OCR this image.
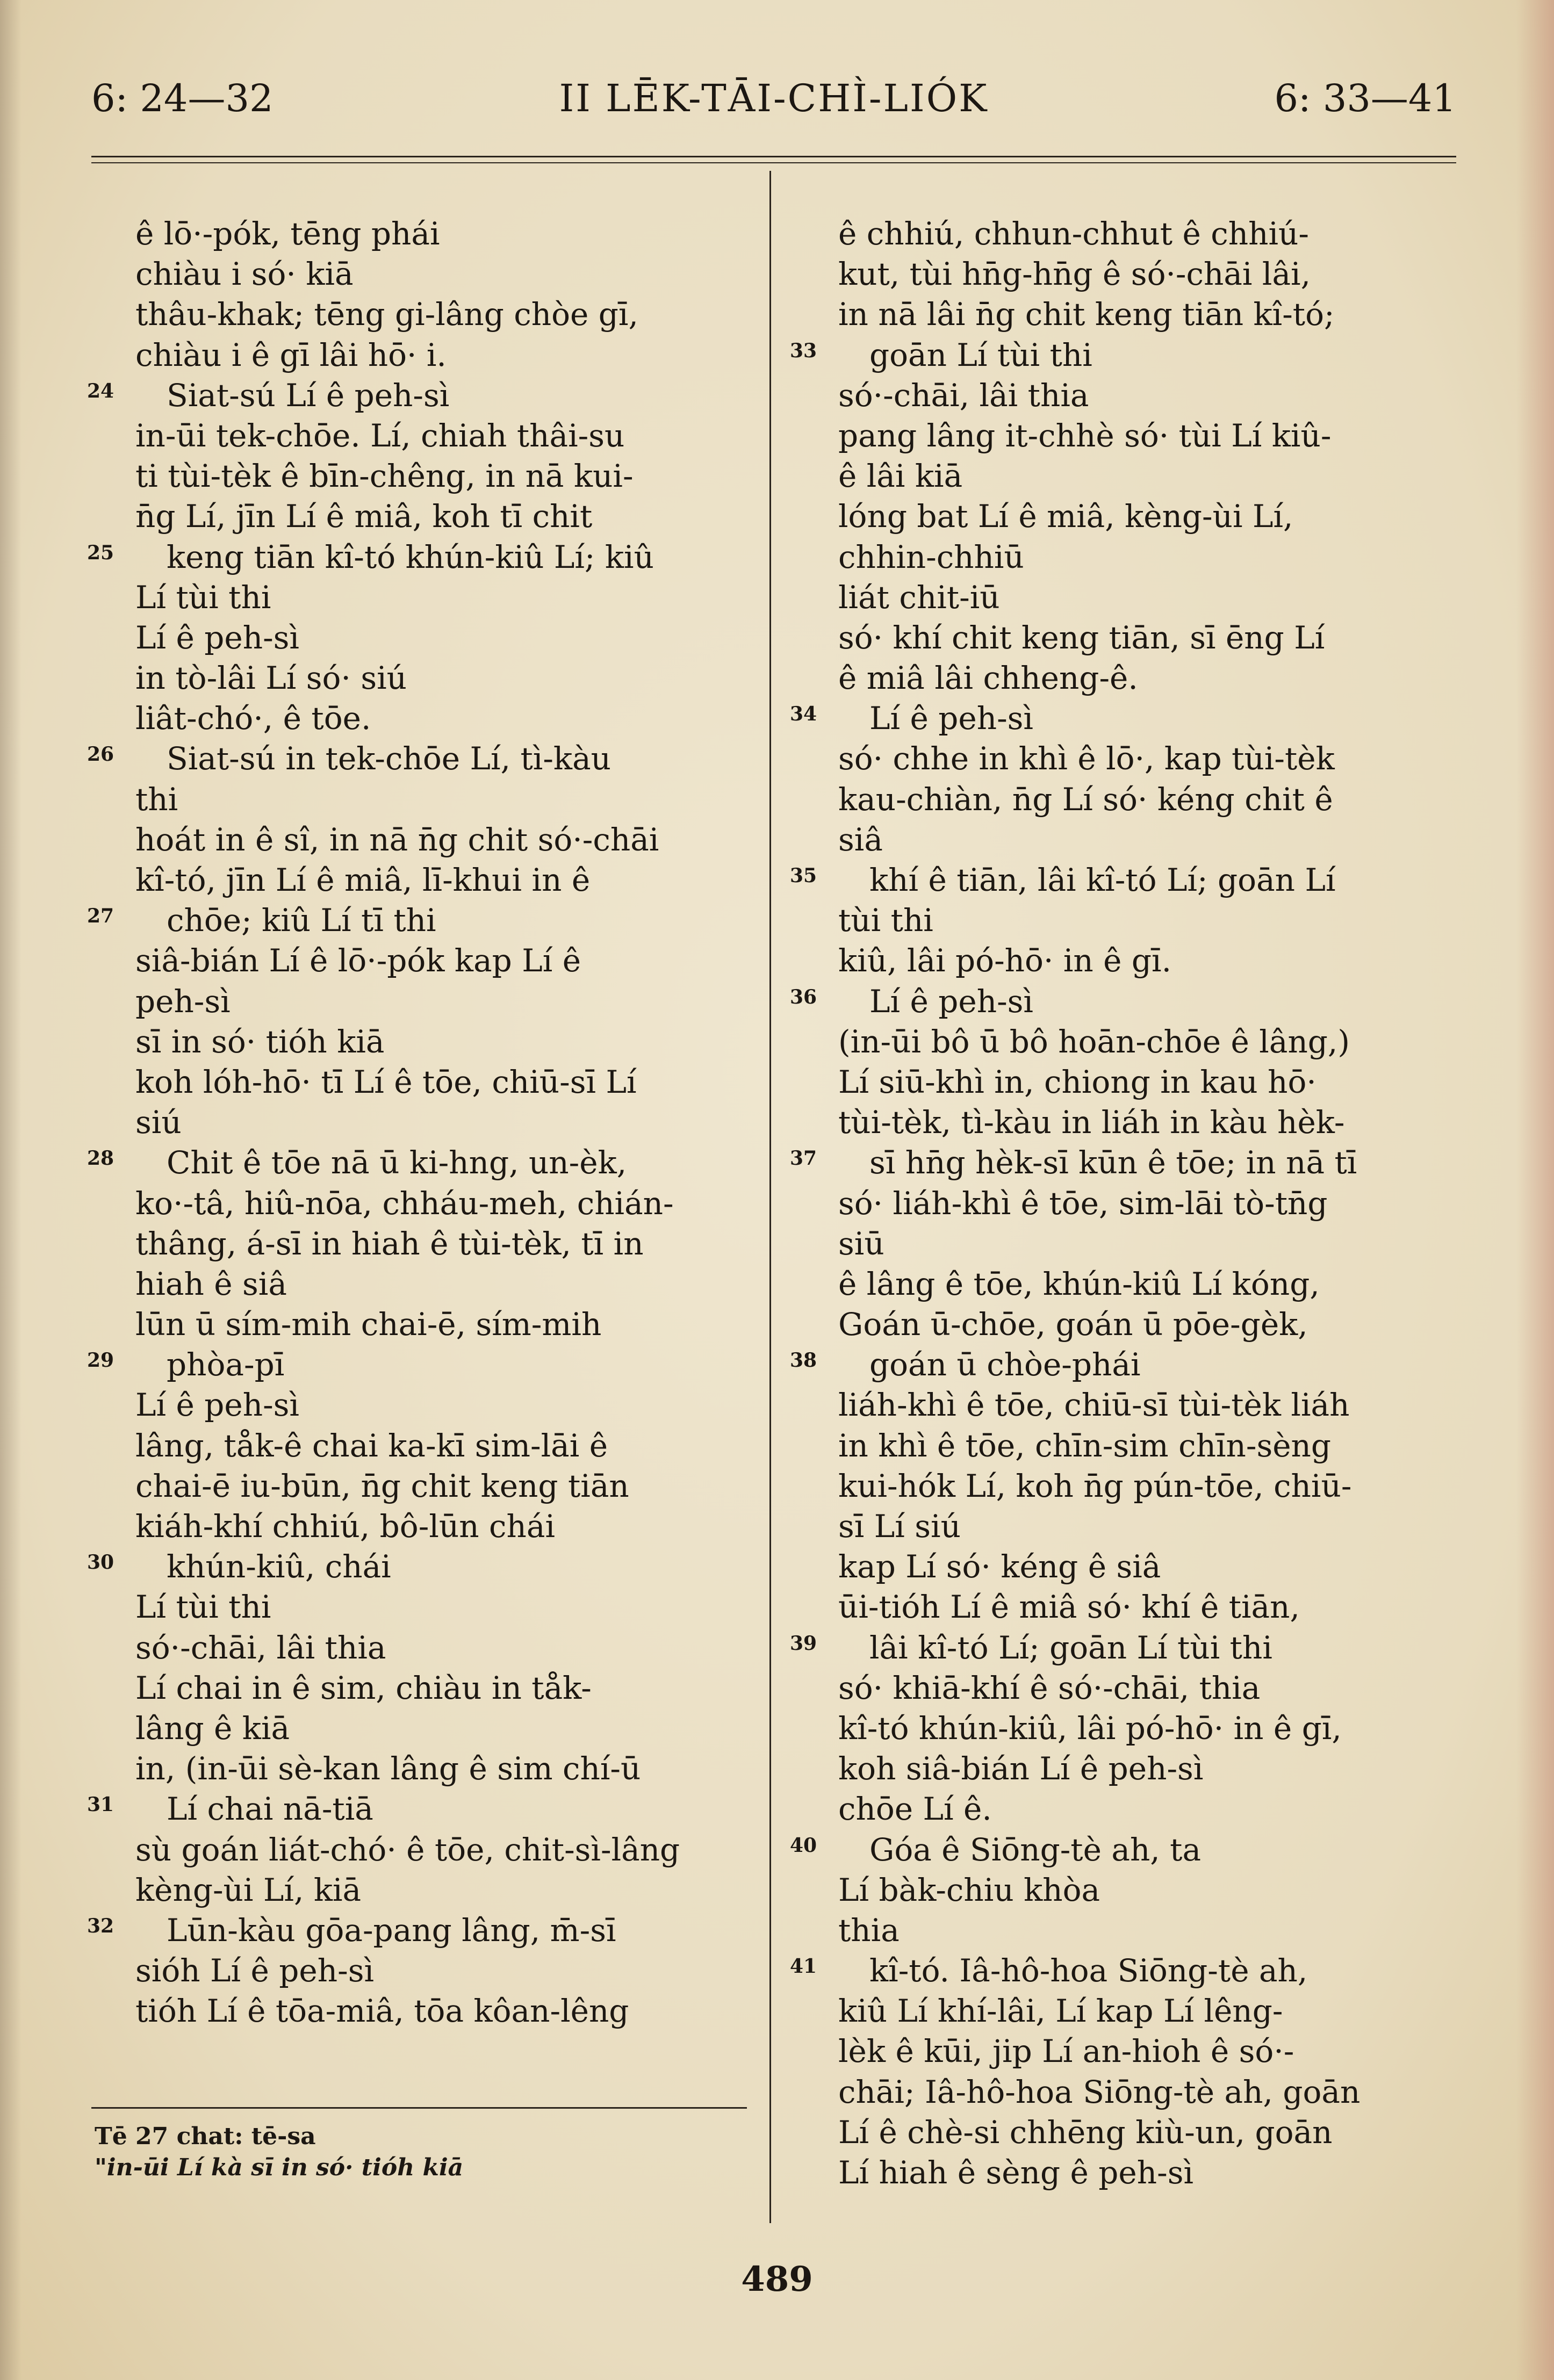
6: 24—32	II LĒK-TĀI-CHÌ-LIÓK	6: 33—41
ê lō·-pók, tēng phái
chiàu i só· kiā
thâu-khak; tēng gi-lâng chòe gī,
chiàu i ê gī lâi hō· i.
24 Siat-sú Lí ê peh-sì
in-ūi tek-chōe. Lí, chiah thâi-su
ti tùi-tèk ê bīn-chêng, in nā kui-
n̄g Lí, jīn Lí ê miâ, koh tī chit
25 keng tiān kî-tó khún-kiû Lí; kiû
Lí tùi thi
Lí ê peh-sì
in tò-lâi Lí só· siú
liât-chó·, ê tōe.
26 Siat-sú in tek-chōe Lí, tì-kàu
thi
hoát in ê sî, in nā n̄g chit só·-chāi
kî-tó, jīn Lí ê miâ, lī-khui in ê
27 chōe; kiû Lí tī thi
siâ-bián Lí ê lō·-pók kap Lí ê
peh-sì
sī in só· tióh kiā
koh lóh-hō· tī Lí ê tōe, chiū-sī Lí
siú
28 Chit ê tōe nā ū ki-hng, un-èk,
ko·-tâ, hiû-nōa, chháu-meh, chián-
thâng, á-sī in hiah ê tùi-tèk, tī in
hiah ê siâ
lūn ū sím-mih chai-ē, sím-mih
29 phòa-pī
Lí ê peh-sì
lâng, tåk-ê chai ka-kī sim-lāi ê
chai-ē iu-būn, n̄g chit keng tiān
kiáh-khí chhiú, bô-lūn chái
30 khún-kiû, chái
Lí tùi thi
só·-chāi, lâi thia
Lí chai in ê sim, chiàu in tåk-
lâng ê kiā
in, (in-ūi sè-kan lâng ê sim chí-ū
31 Lí chai nā-tiā
sù goán liát-chó· ê tōe, chit-sì-lâng
kèng-ùi Lí, kiā
32 Lūn-kàu gōa-pang lâng, m̄-sī
sióh Lí ê peh-sì
tióh Lí ê tōa-miâ, tōa kôan-lêng
ê chhiú, chhun-chhut ê chhiú-
kut, tùi hn̄g-hn̄g ê só·-chāi lâi,
in nā lâi n̄g chit keng tiān kî-tó;
33 goān Lí tùi thi
só·-chāi, lâi thia
pang lâng it-chhè só· tùi Lí kiû-
ê lâi kiā
lóng bat Lí ê miâ, kèng-ùi Lí,
chhin-chhiū
liát chit-iū
só· khí chit keng tiān, sī ēng Lí
ê miâ lâi chheng-ê.
34 Lí ê peh-sì
só· chhe in khì ê lō·, kap tùi-tèk
kau-chiàn, n̄g Lí só· kéng chit ê
siâ
35 khí ê tiān, lâi kî-tó Lí; goān Lí
tùi thi
kiû, lâi pó-hō· in ê gī.
36 Lí ê peh-sì
(in-ūi bô ū bô hoān-chōe ê lâng,)
Lí siū-khì in, chiong in kau hō·
tùi-tèk, tì-kàu in liáh in kàu hèk-
37 sī hn̄g hèk-sī kūn ê tōe; in nā tī
só· liáh-khì ê tōe, sim-lāi tò-tn̄g
siū
ê lâng ê tōe, khún-kiû Lí kóng,
Goán ū-chōe, goán ū pōe-gèk,
38 goán ū chòe-phái
liáh-khì ê tōe, chiū-sī tùi-tèk liáh
in khì ê tōe, chīn-sim chīn-sèng
kui-hók Lí, koh n̄g pún-tōe, chiū-
sī Lí siú
kap Lí só· kéng ê siâ
ūi-tióh Lí ê miâ só· khí ê tiān,
39 lâi kî-tó Lí; goān Lí tùi thi
só· khiā-khí ê só·-chāi, thia
kî-tó khún-kiû, lâi pó-hō· in ê gī,
koh siâ-bián Lí ê peh-sì
chōe Lí ê.
40 Góa ê Siōng-tè ah, ta
Lí bàk-chiu khòa
thia
41 kî-tó. Iâ-hô-hoa Siōng-tè ah,
kiû Lí khí-lâi, Lí kap Lí lêng-
lèk ê kūi, jip Lí an-hioh ê só·-
chāi; Iâ-hô-hoa Siōng-tè ah, goān
Lí ê chè-si chhēng kiù-un, goān
Lí hiah ê sèng ê peh-sì
Tē 27 chat: tē-sa
"in-ūi Lí kà sī in só· tióh kiā
489
